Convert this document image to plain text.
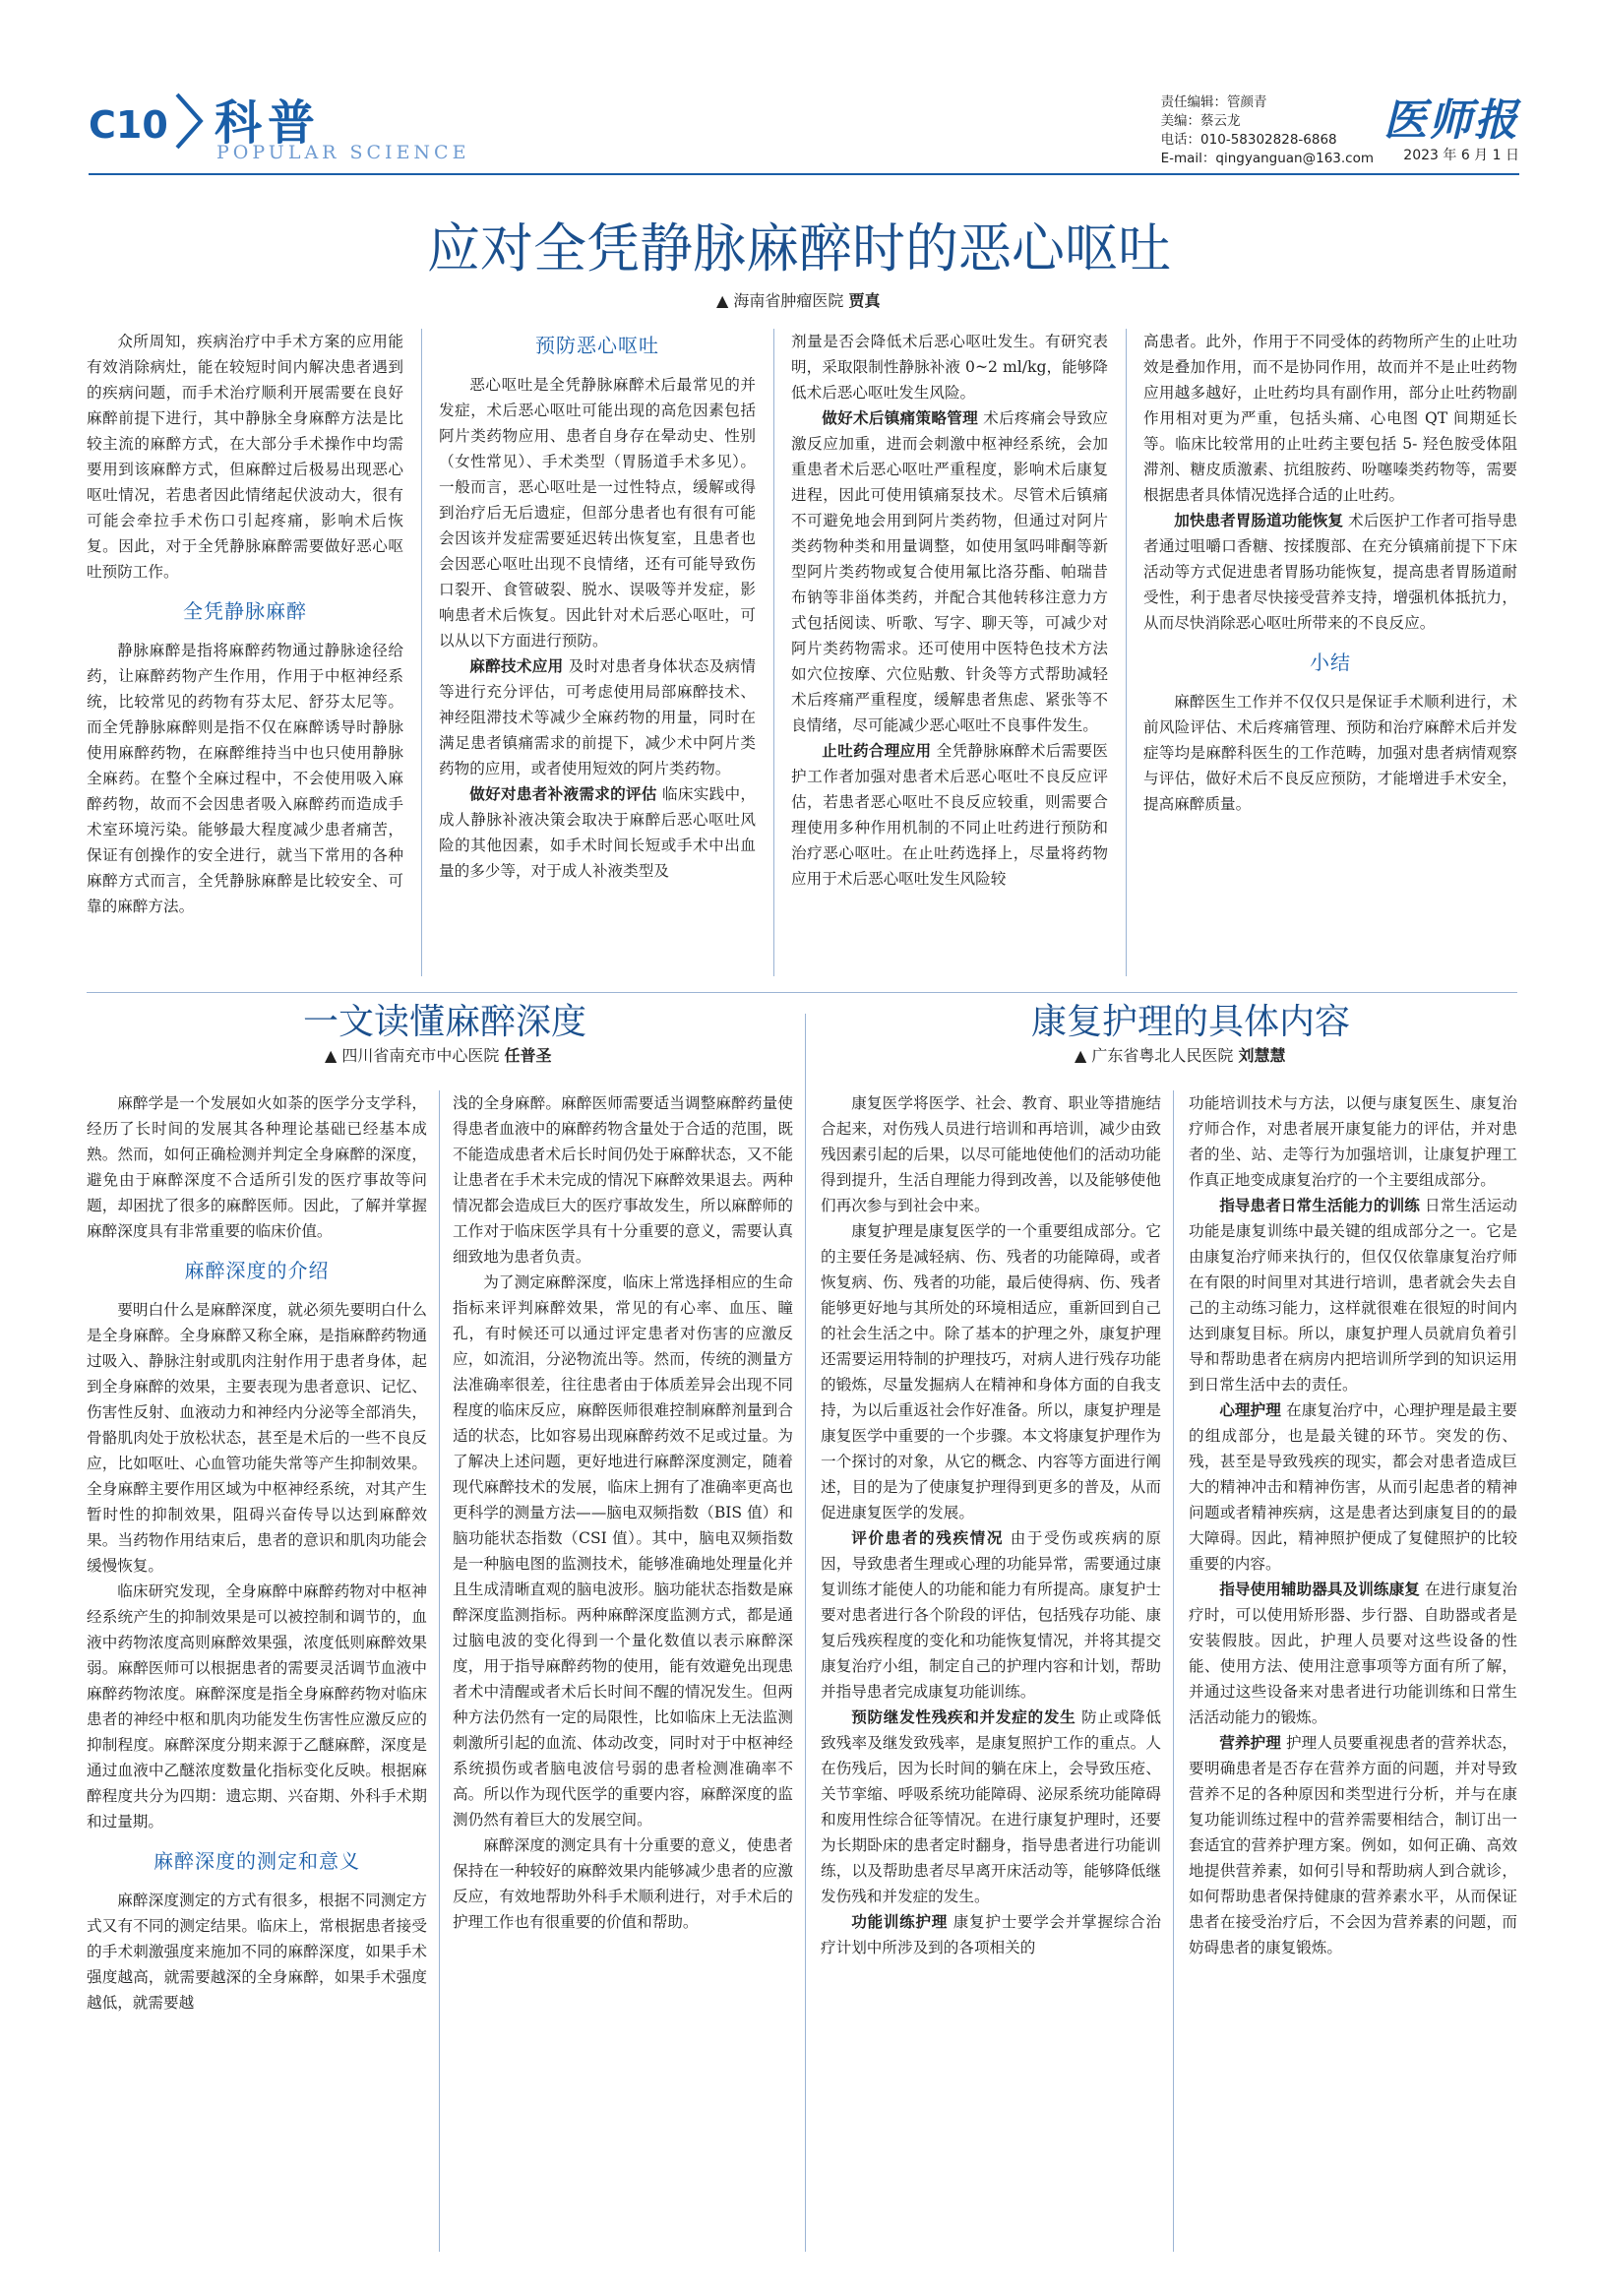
C10 科普
POPULAR SCIENCE
责任编辑：管颜青
美编：蔡云龙
电话：010-58302828-6868
E-mail：qingyanguan@163.com
医师报
2023 年 6 月 1 日
应对全凭静脉麻醉时的恶心呕吐
▲ 海南省肿瘤医院 贾真

众所周知，疾病治疗中手术方案的应用能有效消除病灶，能在较短时间内解决患者遇到的疾病问题，而手术治疗顺利开展需要在良好麻醉前提下进行，其中静脉全身麻醉方法是比较主流的麻醉方式，在大部分手术操作中均需要用到该麻醉方式，但麻醉过后极易出现恶心呕吐情况，若患者因此情绪起伏波动大，很有可能会牵拉手术伤口引起疼痛，影响术后恢复。因此，对于全凭静脉麻醉需要做好恶心呕吐预防工作。

全凭静脉麻醉

静脉麻醉是指将麻醉药物通过静脉途径给药，让麻醉药物产生作用，作用于中枢神经系统，比较常见的药物有芬太尼、舒芬太尼等。而全凭静脉麻醉则是指不仅在麻醉诱导时静脉使用麻醉药物，在麻醉维持当中也只使用静脉全麻药。在整个全麻过程中，不会使用吸入麻醉药物，故而不会因患者吸入麻醉药而造成手术室环境污染。能够最大程度减少患者痛苦，保证有创操作的安全进行，就当下常用的各种麻醉方式而言，全凭静脉麻醉是比较安全、可靠的麻醉方法。

预防恶心呕吐

恶心呕吐是全凭静脉麻醉术后最常见的并发症，术后恶心呕吐可能出现的高危因素包括阿片类药物应用、患者自身存在晕动史、性别（女性常见）、手术类型（胃肠道手术多见）。一般而言，恶心呕吐是一过性特点，缓解或得到治疗后无后遗症，但部分患者也有很有可能会因该并发症需要延迟转出恢复室，且患者也会因恶心呕吐出现不良情绪，还有可能导致伤口裂开、食管破裂、脱水、误吸等并发症，影响患者术后恢复。因此针对术后恶心呕吐，可以从以下方面进行预防。

麻醉技术应用 及时对患者身体状态及病情等进行充分评估，可考虑使用局部麻醉技术、神经阻滞技术等减少全麻药物的用量，同时在满足患者镇痛需求的前提下，减少术中阿片类药物的应用，或者使用短效的阿片类药物。

做好对患者补液需求的评估 临床实践中，成人静脉补液决策会取决于麻醉后恶心呕吐风险的其他因素，如手术时间长短或手术中出血量的多少等，对于成人补液类型及

剂量是否会降低术后恶心呕吐发生。有研究表明，采取限制性静脉补液 0~2 ml/kg，能够降低术后恶心呕吐发生风险。

做好术后镇痛策略管理 术后疼痛会导致应激反应加重，进而会刺激中枢神经系统，会加重患者术后恶心呕吐严重程度，影响术后康复进程，因此可使用镇痛泵技术。尽管术后镇痛不可避免地会用到阿片类药物，但通过对阿片类药物种类和用量调整，如使用氢吗啡酮等新型阿片类药物或复合使用氟比洛芬酯、帕瑞昔布钠等非甾体类药，并配合其他转移注意力方式包括阅读、听歌、写字、聊天等，可减少对阿片类药物需求。还可使用中医特色技术方法如穴位按摩、穴位贴敷、针灸等方式帮助减轻术后疼痛严重程度，缓解患者焦虑、紧张等不良情绪，尽可能减少恶心呕吐不良事件发生。

止吐药合理应用 全凭静脉麻醉术后需要医护工作者加强对患者术后恶心呕吐不良反应评估，若患者恶心呕吐不良反应较重，则需要合理使用多种作用机制的不同止吐药进行预防和治疗恶心呕吐。在止吐药选择上，尽量将药物应用于术后恶心呕吐发生风险较

高患者。此外，作用于不同受体的药物所产生的止吐功效是叠加作用，而不是协同作用，故而并不是止吐药物应用越多越好，止吐药均具有副作用，部分止吐药物副作用相对更为严重，包括头痛、心电图 QT 间期延长等。临床比较常用的止吐药主要包括 5- 羟色胺受体阻滞剂、糖皮质激素、抗组胺药、吩噻嗪类药物等，需要根据患者具体情况选择合适的止吐药。

加快患者胃肠道功能恢复 术后医护工作者可指导患者通过咀嚼口香糖、按揉腹部、在充分镇痛前提下下床活动等方式促进患者胃肠功能恢复，提高患者胃肠道耐受性，利于患者尽快接受营养支持，增强机体抵抗力，从而尽快消除恶心呕吐所带来的不良反应。

小结

麻醉医生工作并不仅仅只是保证手术顺利进行，术前风险评估、术后疼痛管理、预防和治疗麻醉术后并发症等均是麻醉科医生的工作范畴，加强对患者病情观察与评估，做好术后不良反应预防，才能增进手术安全，提高麻醉质量。

一文读懂麻醉深度
▲ 四川省南充市中心医院 任普圣
康复护理的具体内容
▲ 广东省粤北人民医院 刘慧慧

麻醉学是一个发展如火如荼的医学分支学科，经历了长时间的发展其各种理论基础已经基本成熟。然而，如何正确检测并判定全身麻醉的深度，避免由于麻醉深度不合适所引发的医疗事故等问题，却困扰了很多的麻醉医师。因此，了解并掌握麻醉深度具有非常重要的临床价值。

麻醉深度的介绍

要明白什么是麻醉深度，就必须先要明白什么是全身麻醉。全身麻醉又称全麻，是指麻醉药物通过吸入、静脉注射或肌肉注射作用于患者身体，起到全身麻醉的效果，主要表现为患者意识、记忆、伤害性反射、血液动力和神经内分泌等全部消失，骨骼肌肉处于放松状态，甚至是术后的一些不良反应，比如呕吐、心血管功能失常等产生抑制效果。全身麻醉主要作用区域为中枢神经系统，对其产生暂时性的抑制效果，阻碍兴奋传导以达到麻醉效果。当药物作用结束后，患者的意识和肌肉功能会缓慢恢复。

临床研究发现，全身麻醉中麻醉药物对中枢神经系统产生的抑制效果是可以被控制和调节的，血液中药物浓度高则麻醉效果强，浓度低则麻醉效果弱。麻醉医师可以根据患者的需要灵活调节血液中麻醉药物浓度。麻醉深度是指全身麻醉药物对临床患者的神经中枢和肌肉功能发生伤害性应激反应的抑制程度。麻醉深度分期来源于乙醚麻醉，深度是通过血液中乙醚浓度数量化指标变化反映。根据麻醉程度共分为四期：遗忘期、兴奋期、外科手术期和过量期。

麻醉深度的测定和意义

麻醉深度测定的方式有很多，根据不同测定方式又有不同的测定结果。临床上，常根据患者接受的手术刺激强度来施加不同的麻醉深度，如果手术强度越高，就需要越深的全身麻醉，如果手术强度越低，就需要越

浅的全身麻醉。麻醉医师需要适当调整麻醉药量使得患者血液中的麻醉药物含量处于合适的范围，既不能造成患者术后长时间仍处于麻醉状态，又不能让患者在手术未完成的情况下麻醉效果退去。两种情况都会造成巨大的医疗事故发生，所以麻醉师的工作对于临床医学具有十分重要的意义，需要认真细致地为患者负责。

为了测定麻醉深度，临床上常选择相应的生命指标来评判麻醉效果，常见的有心率、血压、瞳孔，有时候还可以通过评定患者对伤害的应激反应，如流泪，分泌物流出等。然而，传统的测量方法准确率很差，往往患者由于体质差异会出现不同程度的临床反应，麻醉医师很难控制麻醉剂量到合适的状态，比如容易出现麻醉药效不足或过量。为了解决上述问题，更好地进行麻醉深度测定，随着现代麻醉技术的发展，临床上拥有了准确率更高也更科学的测量方法——脑电双频指数（BIS 值）和脑功能状态指数（CSI 值）。其中，脑电双频指数是一种脑电图的监测技术，能够准确地处理量化并且生成清晰直观的脑电波形。脑功能状态指数是麻醉深度监测指标。两种麻醉深度监测方式，都是通过脑电波的变化得到一个量化数值以表示麻醉深度，用于指导麻醉药物的使用，能有效避免出现患者术中清醒或者术后长时间不醒的情况发生。但两种方法仍然有一定的局限性，比如临床上无法监测刺激所引起的血流、体动改变，同时对于中枢神经系统损伤或者脑电波信号弱的患者检测准确率不高。所以作为现代医学的重要内容，麻醉深度的监测仍然有着巨大的发展空间。

麻醉深度的测定具有十分重要的意义，使患者保持在一种较好的麻醉效果内能够减少患者的应激反应，有效地帮助外科手术顺利进行，对手术后的护理工作也有很重要的价值和帮助。

康复医学将医学、社会、教育、职业等措施结合起来，对伤残人员进行培训和再培训，减少由致残因素引起的后果，以尽可能地使他们的活动功能得到提升，生活自理能力得到改善，以及能够使他们再次参与到社会中来。

康复护理是康复医学的一个重要组成部分。它的主要任务是减轻病、伤、残者的功能障碍，或者恢复病、伤、残者的功能，最后使得病、伤、残者能够更好地与其所处的环境相适应，重新回到自己的社会生活之中。除了基本的护理之外，康复护理还需要运用特制的护理技巧，对病人进行残存功能的锻炼，尽量发掘病人在精神和身体方面的自我支持，为以后重返社会作好准备。所以，康复护理是康复医学中重要的一个步骤。本文将康复护理作为一个探讨的对象，从它的概念、内容等方面进行阐述，目的是为了使康复护理得到更多的普及，从而促进康复医学的发展。

评价患者的残疾情况 由于受伤或疾病的原因，导致患者生理或心理的功能异常，需要通过康复训练才能使人的功能和能力有所提高。康复护士要对患者进行各个阶段的评估，包括残存功能、康复后残疾程度的变化和功能恢复情况，并将其提交康复治疗小组，制定自己的护理内容和计划，帮助并指导患者完成康复功能训练。

预防继发性残疾和并发症的发生 防止或降低致残率及继发致残率，是康复照护工作的重点。人在伤残后，因为长时间的躺在床上，会导致压疮、关节挛缩、呼吸系统功能障碍、泌尿系统功能障碍和废用性综合征等情况。在进行康复护理时，还要为长期卧床的患者定时翻身，指导患者进行功能训练，以及帮助患者尽早离开床活动等，能够降低继发伤残和并发症的发生。

功能训练护理 康复护士要学会并掌握综合治疗计划中所涉及到的各项相关的

功能培训技术与方法，以便与康复医生、康复治疗师合作，对患者展开康复能力的评估，并对患者的坐、站、走等行为加强培训，让康复护理工作真正地变成康复治疗的一个主要组成部分。

指导患者日常生活能力的训练 日常生活运动功能是康复训练中最关键的组成部分之一。它是由康复治疗师来执行的，但仅仅依靠康复治疗师在有限的时间里对其进行培训，患者就会失去自己的主动练习能力，这样就很难在很短的时间内达到康复目标。所以，康复护理人员就肩负着引导和帮助患者在病房内把培训所学到的知识运用到日常生活中去的责任。

心理护理 在康复治疗中，心理护理是最主要的组成部分，也是最关键的环节。突发的伤、残，甚至是导致残疾的现实，都会对患者造成巨大的精神冲击和精神伤害，从而引起患者的精神问题或者精神疾病，这是患者达到康复目的的最大障碍。因此，精神照护便成了复健照护的比较重要的内容。

指导使用辅助器具及训练康复 在进行康复治疗时，可以使用矫形器、步行器、自助器或者是安装假肢。因此，护理人员要对这些设备的性能、使用方法、使用注意事项等方面有所了解，并通过这些设备来对患者进行功能训练和日常生活活动能力的锻炼。

营养护理 护理人员要重视患者的营养状态，要明确患者是否存在营养方面的问题，并对导致营养不足的各种原因和类型进行分析，并与在康复功能训练过程中的营养需要相结合，制订出一套适宜的营养护理方案。例如，如何正确、高效地提供营养素，如何引导和帮助病人到合就诊，如何帮助患者保持健康的营养素水平，从而保证患者在接受治疗后，不会因为营养素的问题，而妨碍患者的康复锻炼。
